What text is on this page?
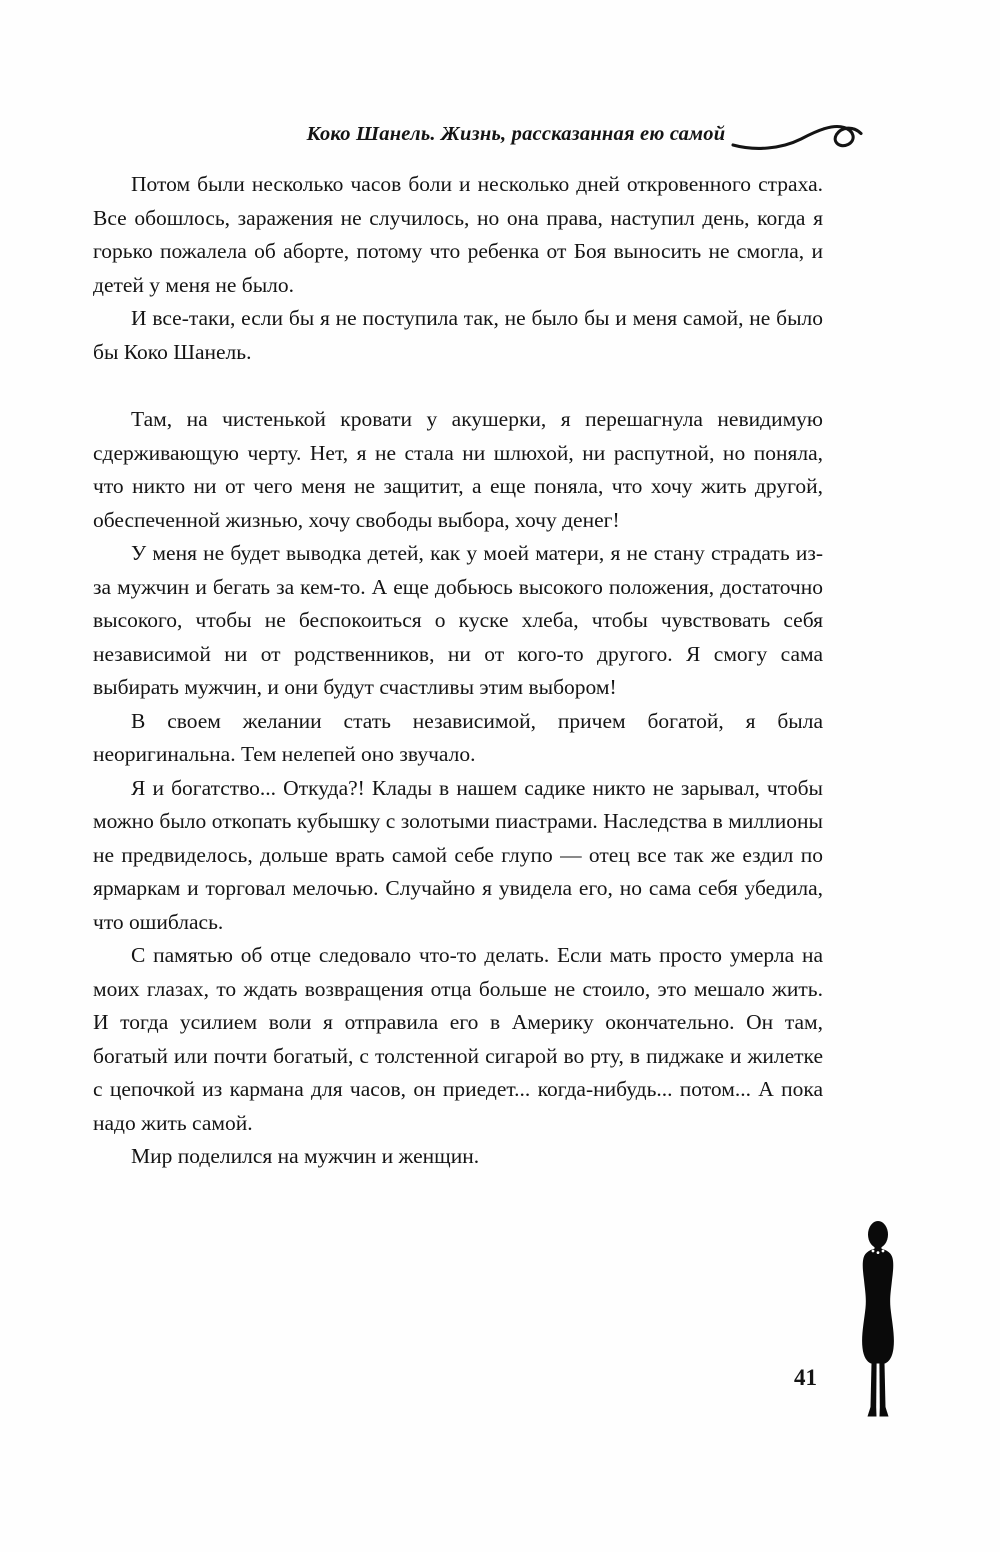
Коко Шанель. Жизнь, рассказанная ею самой

Потом были несколько часов боли и несколько дней откровенного страха. Все обошлось, заражения не случилось, но она права, наступил день, когда я горько пожалела об аборте, потому что ребенка от Боя выносить не смогла, и детей у меня не было.

И все-таки, если бы я не поступила так, не было бы и меня самой, не было бы Коко Шанель.

Там, на чистенькой кровати у акушерки, я перешагнула невидимую сдерживающую черту. Нет, я не стала ни шлюхой, ни распутной, но поняла, что никто ни от чего меня не защитит, а еще поняла, что хочу жить другой, обеспеченной жизнью, хочу свободы выбора, хочу денег!

У меня не будет выводка детей, как у моей матери, я не стану страдать из-за мужчин и бегать за кем-то. А еще добьюсь высокого положения, достаточно высокого, чтобы не беспокоиться о куске хлеба, чтобы чувствовать себя независимой ни от родственников, ни от кого-то другого. Я смогу сама выбирать мужчин, и они будут счастливы этим выбором!

В своем желании стать независимой, причем богатой, я была неоригинальна. Тем нелепей оно звучало.

Я и богатство... Откуда?! Клады в нашем садике никто не зарывал, чтобы можно было откопать кубышку с золотыми пиастрами. Наследства в миллионы не предвиделось, дольше врать самой себе глупо — отец все так же ездил по ярмаркам и торговал мелочью. Случайно я увидела его, но сама себя убедила, что ошиблась.

С памятью об отце следовало что-то делать. Если мать просто умерла на моих глазах, то ждать возвращения отца больше не стоило, это мешало жить. И тогда усилием воли я отправила его в Америку окончательно. Он там, богатый или почти богатый, с толстенной сигарой во рту, в пиджаке и жилетке с цепочкой из кармана для часов, он приедет... когда-нибудь... потом... А пока надо жить самой.

Мир поделился на мужчин и женщин.

41
